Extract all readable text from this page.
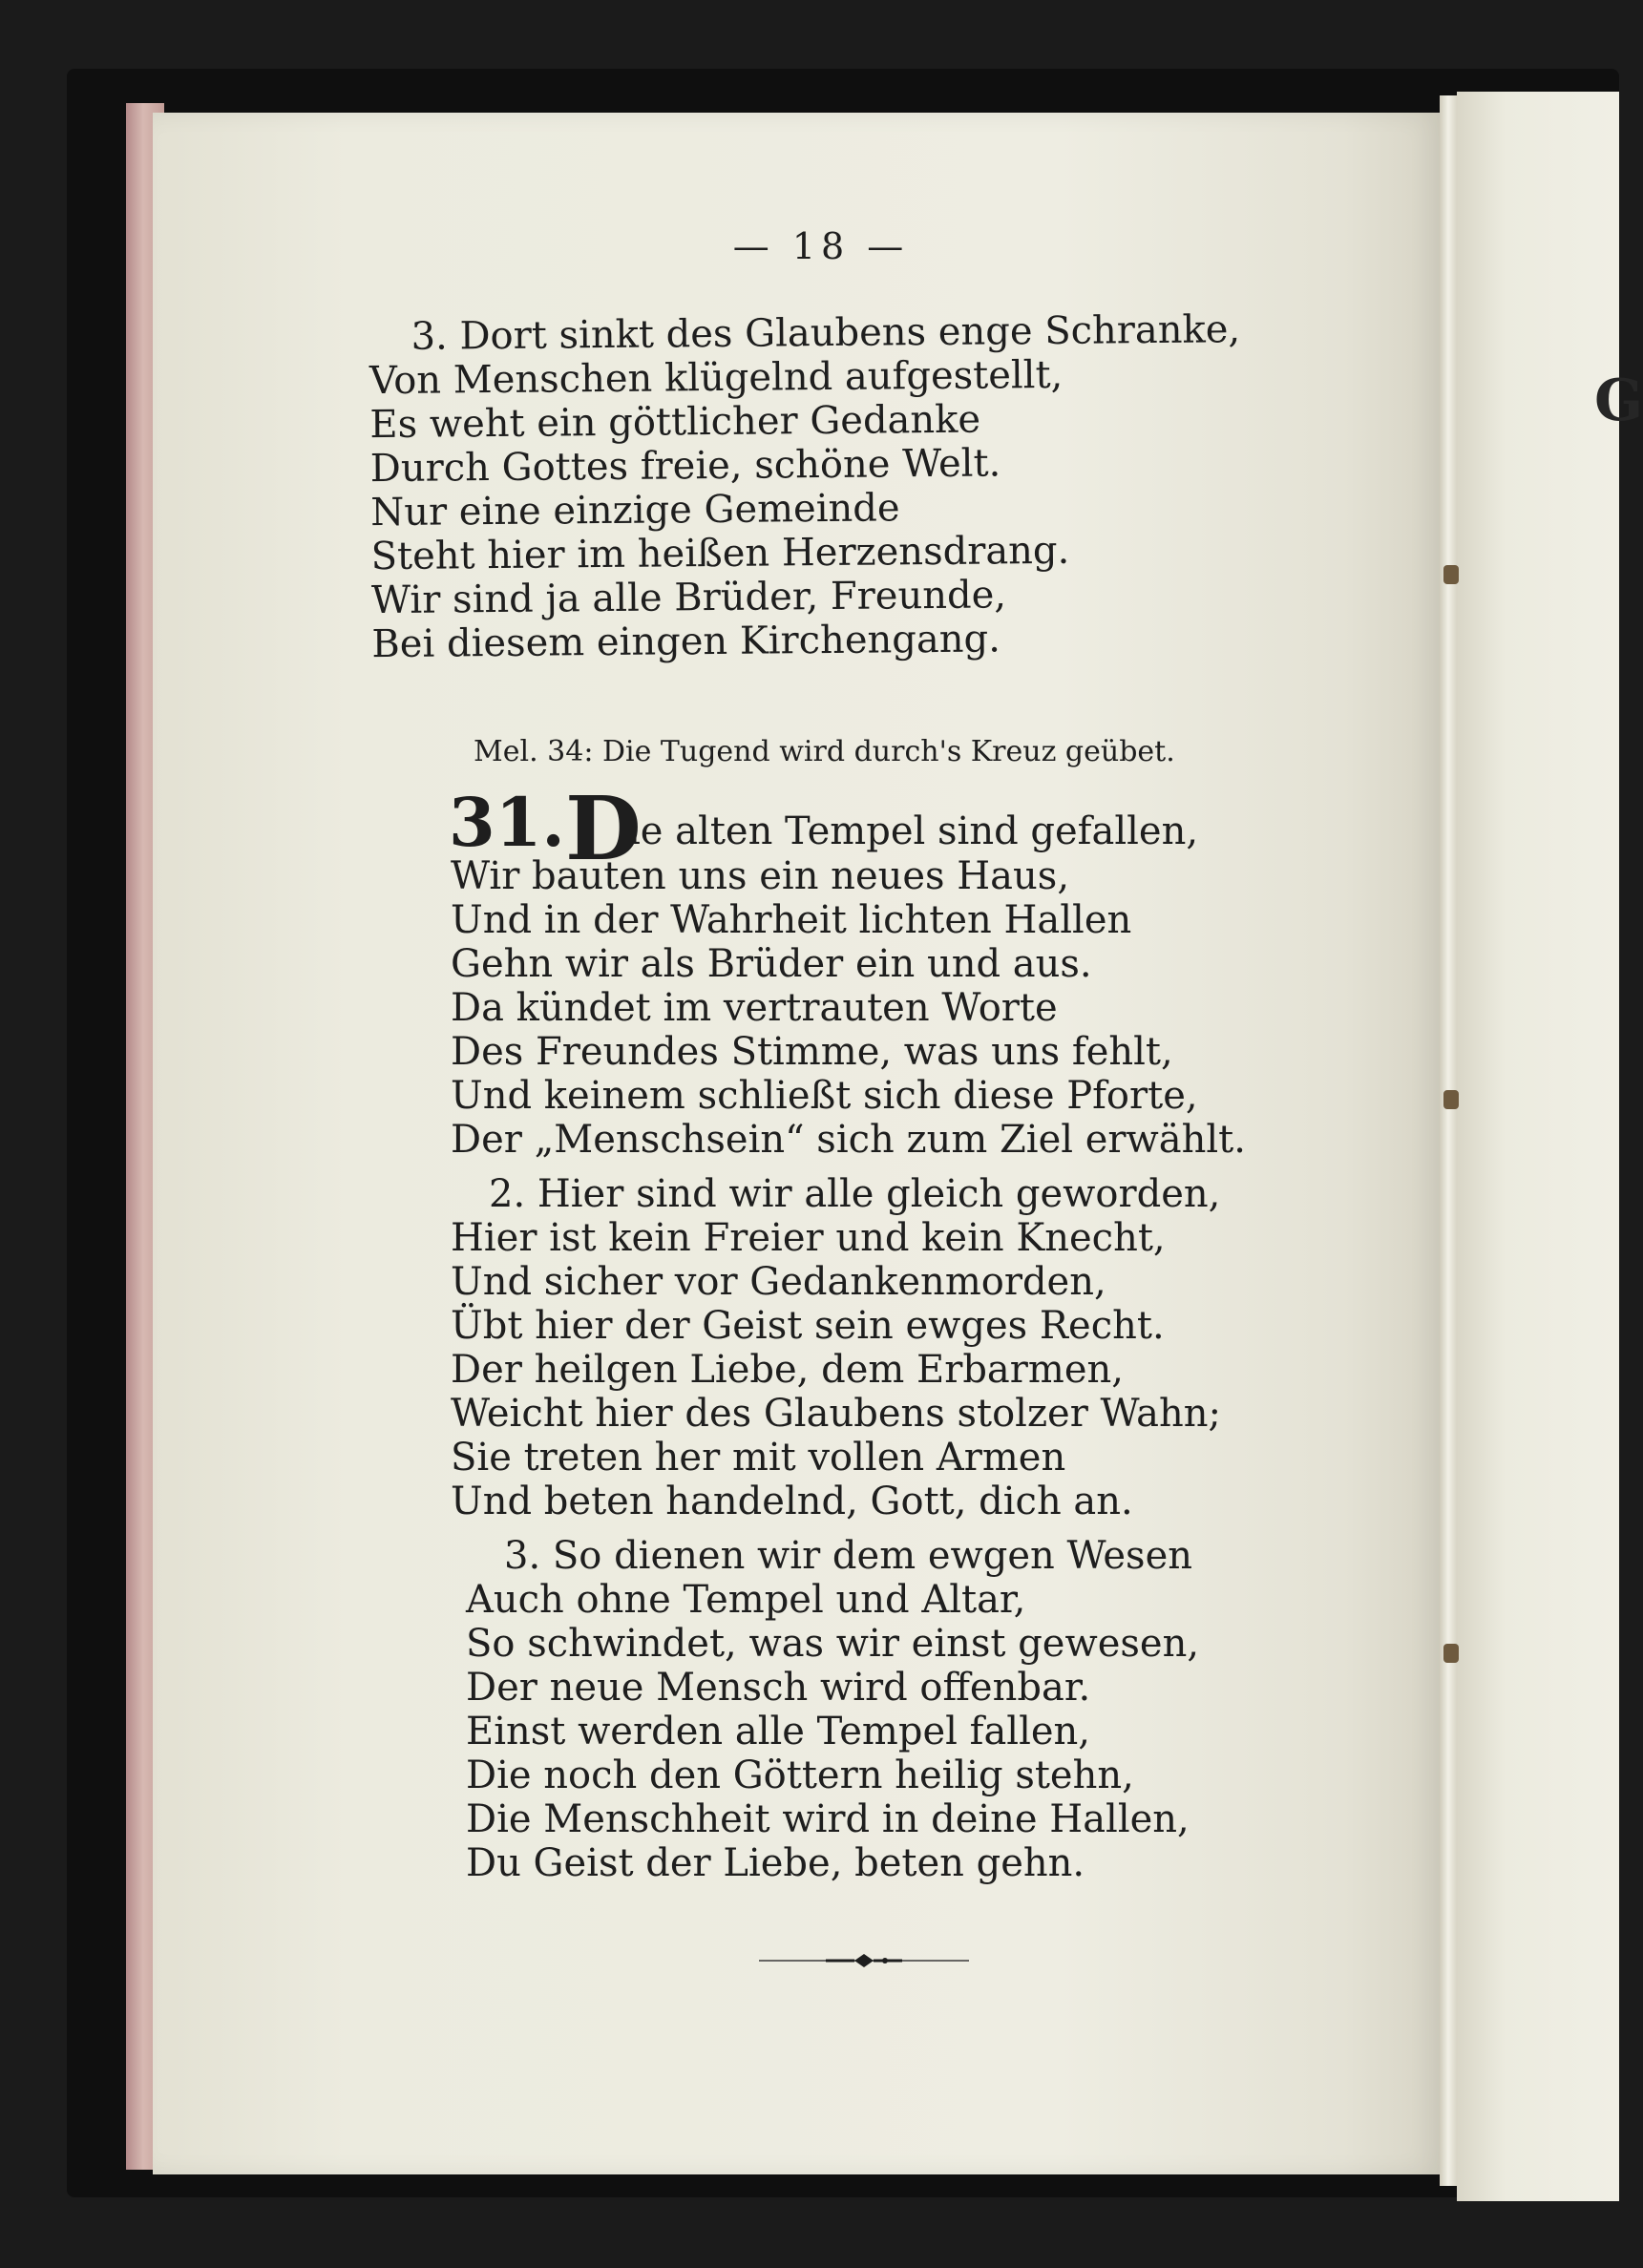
G
— 18 —
3. Dort sinkt des Glaubens enge Schranke,
Von Menschen klügelnd aufgestellt,
Es weht ein göttlicher Gedanke
Durch Gottes freie, schöne Welt.
Nur eine einzige Gemeinde
Steht hier im heißen Herzensdrang.
Wir sind ja alle Brüder, Freunde,
Bei diesem eingen Kirchengang.
Mel. 34: Die Tugend wird durch's Kreuz geübet.
31. D
ie alten Tempel sind gefallen,
Wir bauten uns ein neues Haus,
Und in der Wahrheit lichten Hallen
Gehn wir als Brüder ein und aus.
Da kündet im vertrauten Worte
Des Freundes Stimme, was uns fehlt,
Und keinem schließt sich diese Pforte,
Der „Menschsein“ sich zum Ziel erwählt.
2. Hier sind wir alle gleich geworden,
Hier ist kein Freier und kein Knecht,
Und sicher vor Gedankenmorden,
Übt hier der Geist sein ewges Recht.
Der heilgen Liebe, dem Erbarmen,
Weicht hier des Glaubens stolzer Wahn;
Sie treten her mit vollen Armen
Und beten handelnd, Gott, dich an.
3. So dienen wir dem ewgen Wesen
Auch ohne Tempel und Altar,
So schwindet, was wir einst gewesen,
Der neue Mensch wird offenbar.
Einst werden alle Tempel fallen,
Die noch den Göttern heilig stehn,
Die Menschheit wird in deine Hallen,
Du Geist der Liebe, beten gehn.
